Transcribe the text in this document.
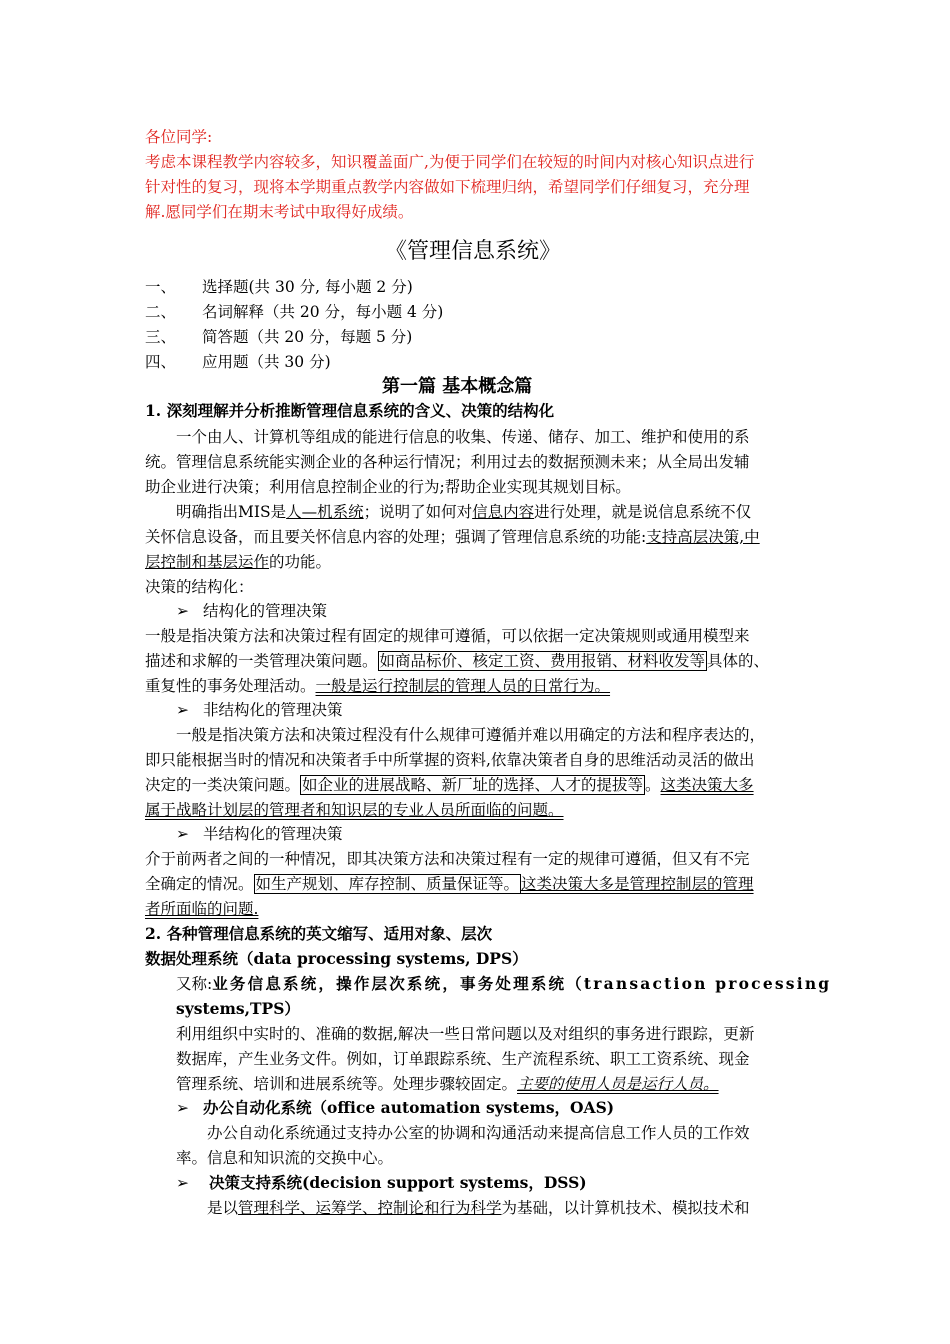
各位同学:
考虑本课程教学内容较多，知识覆盖面广,为便于同学们在较短的时间内对核心知识点进行
针对性的复习，现将本学期重点教学内容做如下梳理归纳，希望同学们仔细复习，充分理
解.愿同学们在期末考试中取得好成绩。
《管理信息系统》
一、 选择题(共 30 分, 每小题 2 分)
二、 名词解释（共 20 分，每小题 4 分)
三、 简答题（共 20 分，每题 5 分)
四、 应用题（共 30 分)
第一篇 基本概念篇
1. 深刻理解并分析推断管理信息系统的含义、决策的结构化
一个由人、计算机等组成的能进行信息的收集、传递、储存、加工、维护和使用的系
统。管理信息系统能实测企业的各种运行情况；利用过去的数据预测未来；从全局出发辅
助企业进行决策；利用信息控制企业的行为;帮助企业实现其规划目标。
明确指出MIS是人—机系统；说明了如何对信息内容进行处理，就是说信息系统不仅
关怀信息设备，而且要关怀信息内容的处理；强调了管理信息系统的功能:支持高层决策,中
层控制和基层运作的功能。
决策的结构化：
➢ 结构化的管理决策
一般是指决策方法和决策过程有固定的规律可遵循，可以依据一定决策规则或通用模型来
描述和求解的一类管理决策问题。 如商品标价、核定工资、费用报销、材料收发等 具体的、
重复性的事务处理活动。一般是运行控制层的管理人员的日常行为。
➢ 非结构化的管理决策
一般是指决策方法和决策过程没有什么规律可遵循并难以用确定的方法和程序表达的，
即只能根据当时的情况和决策者手中所掌握的资料,依靠决策者自身的思维活动灵活的做出
决定的一类决策问题。 如企业的进展战略、新厂址的选择、人才的提拔等 。这类决策大多
属于战略计划层的管理者和知识层的专业人员所面临的问题。
➢ 半结构化的管理决策
介于前两者之间的一种情况，即其决策方法和决策过程有一定的规律可遵循，但又有不完
全确定的情况。 如生产规划、库存控制、质量保证等。 这类决策大多是管理控制层的管理
者所面临的问题.
2. 各种管理信息系统的英文缩写、适用对象、层次
数据处理系统（data processing systems, DPS）
又称:业务信息系统，操作层次系统，事务处理系统（transaction processing
systems,TPS）
利用组织中实时的、准确的数据,解决一些日常问题以及对组织的事务进行跟踪，更新
数据库，产生业务文件。例如，订单跟踪系统、生产流程系统、职工工资系统、现金
管理系统、培训和进展系统等。处理步骤较固定。主要的使用人员是运行人员。
➢ 办公自动化系统（office automation systems，OAS)
办公自动化系统通过支持办公室的协调和沟通活动来提高信息工作人员的工作效
率。信息和知识流的交换中心。
➢ 决策支持系统(decision support systems，DSS)
是以管理科学、运筹学、控制论和行为科学为基础，以计算机技术、模拟技术和
